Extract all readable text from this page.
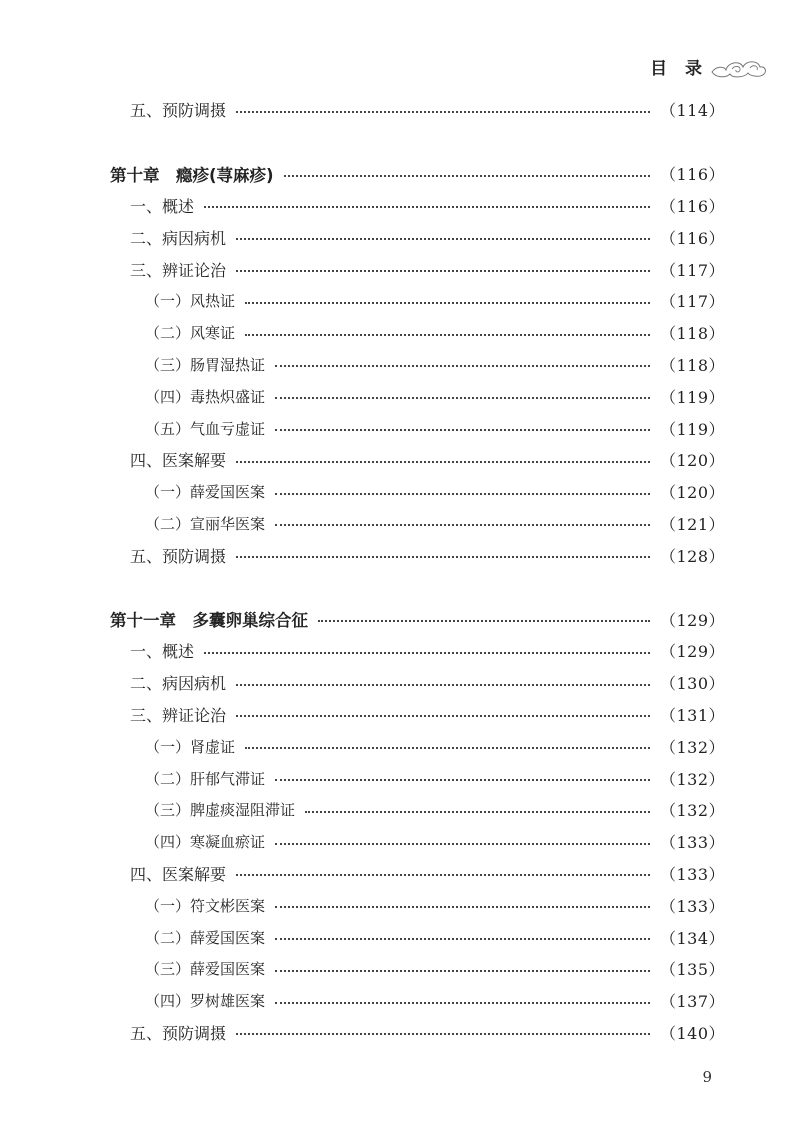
目 录
五、预防调摄	（114）
第十章　瘾疹(荨麻疹)	（116）
一、概述	（116）
二、病因病机	（116）
三、辨证论治	（117）
（一）风热证	（117）
（二）风寒证	（118）
（三）肠胃湿热证	（118）
（四）毒热炽盛证	（119）
（五）气血亏虚证	（119）
四、医案解要	（120）
（一）薛爱国医案	（120）
（二）宣丽华医案	（121）
五、预防调摄	（128）
第十一章　多囊卵巢综合征	（129）
一、概述	（129）
二、病因病机	（130）
三、辨证论治	（131）
（一）肾虚证	（132）
（二）肝郁气滞证	（132）
（三）脾虚痰湿阻滞证	（132）
（四）寒凝血瘀证	（133）
四、医案解要	（133）
（一）符文彬医案	（133）
（二）薛爱国医案	（134）
（三）薛爱国医案	（135）
（四）罗树雄医案	（137）
五、预防调摄	（140）
9
